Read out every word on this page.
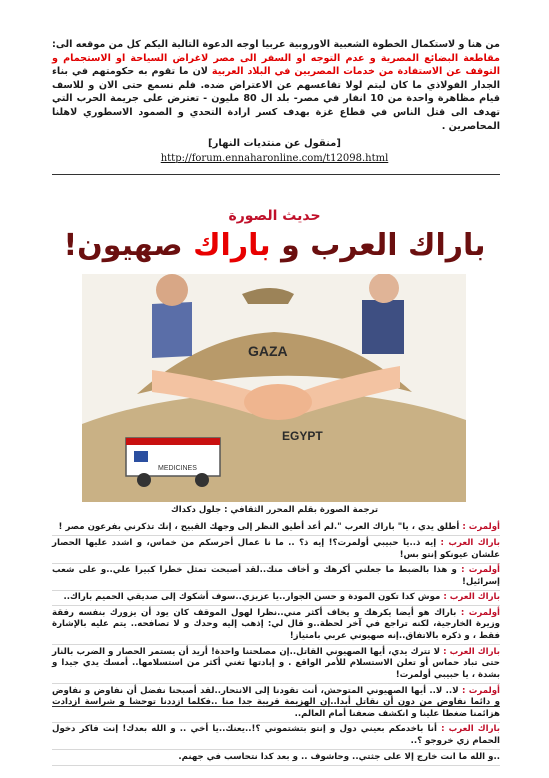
من هنا و لاستكمال الخطوة الشعبية الاوروبية عربيا اوجه الدعوة التالية اليكم كل من موقعه الى: مقاطعة البضائع المصرية و عدم التوجه او السفر الى مصر لاغراض السياحة او الاستجمام و التوقف عن الاستفادة من خدمات المصريين في البلاد العربية لان ما تقوم به حكومتهم في بناء الجدار الفولاذي ما كان ليتم لولا تقاعسهم عن الاعتراض ضده. فلم نسمع حتى الان و للاسف قيام مظاهرة واحدة من 10 انفار في مصر- بلد ال 80 مليون - تعترض على جريمة الحرب التي تهدف الى قتل الناس في قطاع غزة بهدف كسر ارادة التحدي و الصمود الاسطوري لاهلنا المحاصرين .
[منقول عن منتديات النهار]
http://forum.ennaharonline.com/t12098.html
حديث الصورة
باراك العرب و باراك صهيون!
GAZA
EGYPT
MEDICINES
ترجمة الصورة بقلم المحرر الثقافي : جلول دكداك
أولمرت : أطلق يدي ، يا" باراك العرب ".لم أعد أطيق النظر إلى وجهك القبيح ، إنك تذكرني بفرعون مصر !
باراك العرب : إيه ذ..يا حبيبي أولمرت؟! إيه ذ؟ .. ما نا عمال أحرسكم من خماس، و اشدد عليها الحصار علشان عيونكو إنتو بس!
أولمرت : و هذا بالضبط ما جعلني أكرهك و أخاف منك..لقد أصبحت تمثل خطرا كبيرا علي..و على شعب إسرائيل!
باراك العرب : موش كدا تكون المودة و حسن الجوار..يا عزيزي..سوف أشكوك إلى صديقي الحميم باراك..
أولمرت : باراك هو أيضا يكرهك و يخاف أكثر مني..نظرا لهول الموقف كان يود أن يزورك بنفسه رفقة وزيرة الخارجية، لكنه تراجع في آخر لحظة..و قال لي: إذهب إليه وحدك و لا تصافحه.. يتم عليه بالإشارة فقط ، و ذكره بالاتفاق..إنه صهيوني عربي بامتياز!
باراك العرب : لا تترك يدي، أيها الصهيوني القاتل..إن مصلحتنا واحدة! أريد أن يستمر الحصار و الضرب بالنار حتى تباد حماس أو تعلن الاستسلام للأمر الواقع . و إبادتها تغني أكثر من استسلامها.. أمسك يدي جيدا و بشدة ، يا حبيبي أولمرت!
أولمرت : لا.. لا.. أيها الصهيوني المتوحش، أنت تقودنا إلى الانتحار..لقد أصبحنا نفضل أن نفاوض و نفاوض و دائما نفاوض من دون أن نقاتل أبدا..إن الهزيمة قريبة جدا منا ..فكلما ازددنا توحشا و شراسة ازدادت هزائمنا ضغطا علينا و انكشف ضعفنا أمام العالم..
باراك العرب : أنا باخدمكم بعيني دول و إنتو بتشتموني ؟!..يعنك..يا أخي .. و الله بعدك! إنت فاكر دخول الحمام زي خروجو ؟..
..و الله ما انت خارج إلا على جثتي.. وحاشوف .. و بعد كدا نتحاسب في جهنم.
